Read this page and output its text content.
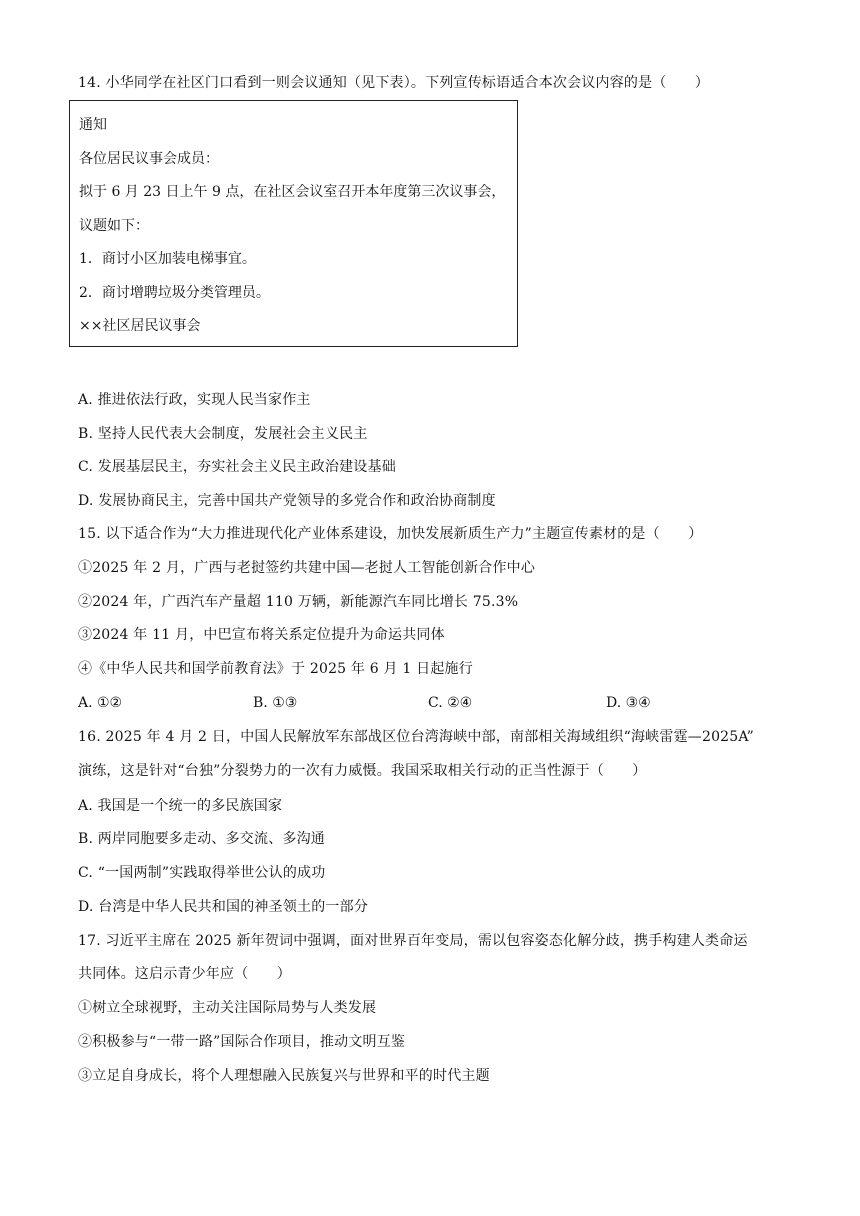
14. 小华同学在社区门口看到一则会议通知（见下表）。下列宣传标语适合本次会议内容的是（　　）
通知
各位居民议事会成员：
拟于 6 月 23 日上午 9 点，在社区会议室召开本年度第三次议事会，
议题如下：
1．商讨小区加装电梯事宜。
2．商讨增聘垃圾分类管理员。
××社区居民议事会
A. 推进依法行政，实现人民当家作主
B. 坚持人民代表大会制度，发展社会主义民主
C. 发展基层民主，夯实社会主义民主政治建设基础
D. 发展协商民主，完善中国共产党领导的多党合作和政治协商制度
15. 以下适合作为“大力推进现代化产业体系建设，加快发展新质生产力”主题宣传素材的是（　　）
①2025 年 2 月，广西与老挝签约共建中国—老挝人工智能创新合作中心
②2024 年，广西汽车产量超 110 万辆，新能源汽车同比增长 75.3%
③2024 年 11 月，中巴宣布将关系定位提升为命运共同体
④《中华人民共和国学前教育法》于 2025 年 6 月 1 日起施行
A. ①②	B. ①③	C. ②④	D. ③④
16. 2025 年 4 月 2 日，中国人民解放军东部战区位台湾海峡中部，南部相关海域组织“海峡雷霆—2025A”
演练，这是针对“台独”分裂势力的一次有力威慑。我国采取相关行动的正当性源于（　　）
A. 我国是一个统一的多民族国家
B. 两岸同胞要多走动、多交流、多沟通
C. “一国两制”实践取得举世公认的成功
D. 台湾是中华人民共和国的神圣领土的一部分
17. 习近平主席在 2025 新年贺词中强调，面对世界百年变局，需以包容姿态化解分歧，携手构建人类命运
共同体。这启示青少年应（　　）
①树立全球视野，主动关注国际局势与人类发展
②积极参与“一带一路”国际合作项目，推动文明互鉴
③立足自身成长，将个人理想融入民族复兴与世界和平的时代主题
